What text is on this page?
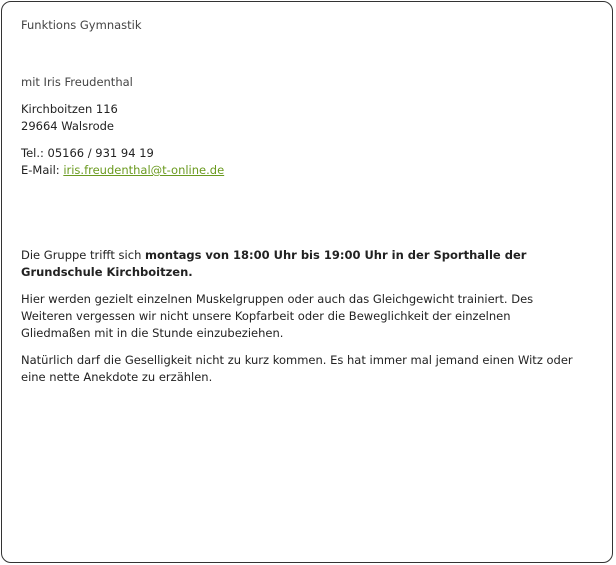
Funktions Gymnastik

mit Iris Freudenthal

Kirchboitzen 116
29664 Walsrode

Tel.: 05166 / 931 94 19
E-Mail: iris.freudenthal@t-online.de

Die Gruppe trifft sich montags von 18:00 Uhr bis 19:00 Uhr in der Sporthalle der Grundschule Kirchboitzen.

Hier werden gezielt einzelnen Muskelgruppen oder auch das Gleichgewicht trainiert. Des Weiteren vergessen wir nicht unsere Kopfarbeit oder die Beweglichkeit der einzelnen Gliedmaßen mit in die Stunde einzubeziehen.

Natürlich darf die Geselligkeit nicht zu kurz kommen. Es hat immer mal jemand einen Witz oder eine nette Anekdote zu erzählen.
